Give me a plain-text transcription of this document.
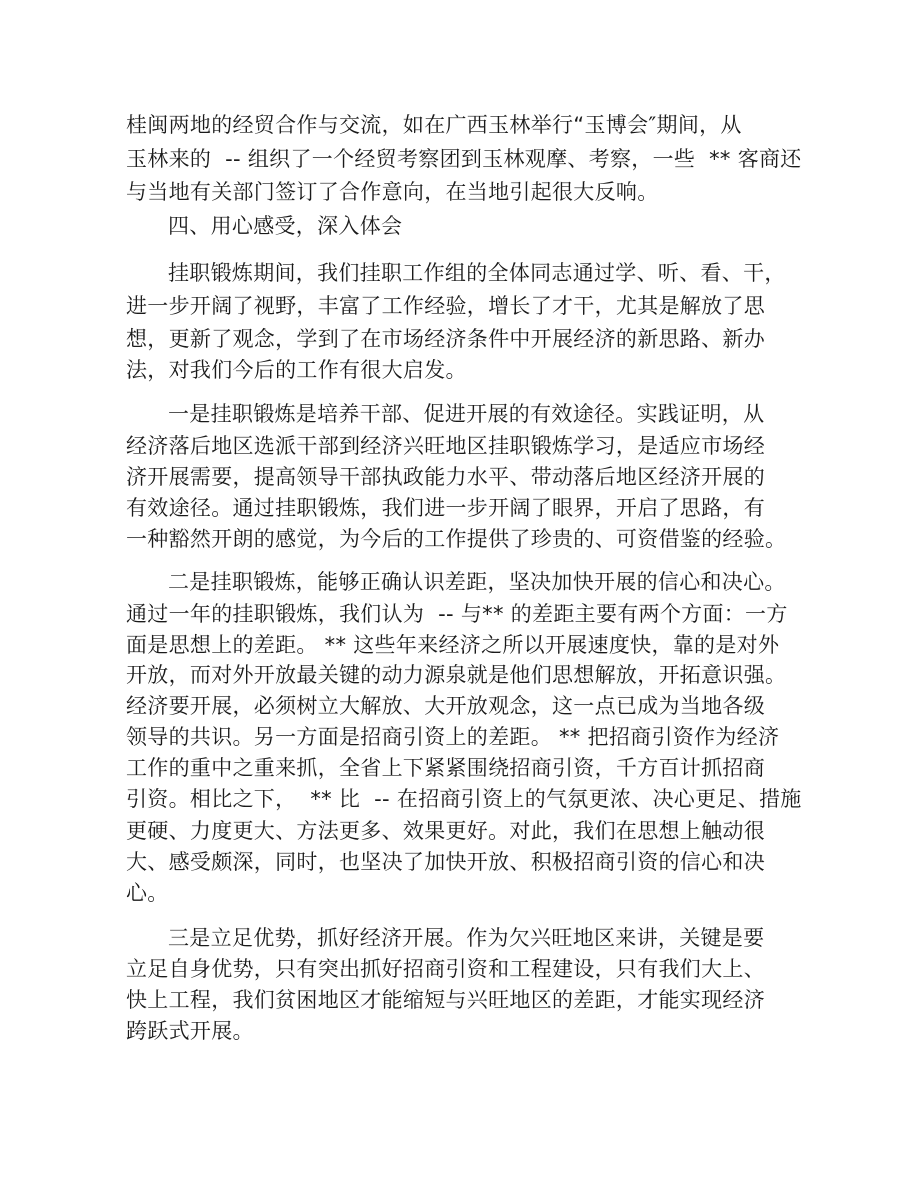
桂闽两地的经贸合作与交流，如在广西玉林举行“玉博会″期间，从
玉林来的  -- 组织了一个经贸考察团到玉林观摩、考察，一些  ** 客商还
与当地有关部门签订了合作意向，在当地引起很大反响。
四、用心感受，深入体会
挂职锻炼期间，我们挂职工作组的全体同志通过学、听、看、干，
进一步开阔了视野，丰富了工作经验，增长了才干，尤其是解放了思
想，更新了观念，学到了在市场经济条件中开展经济的新思路、新办
法，对我们今后的工作有很大启发。
一是挂职锻炼是培养干部、促进开展的有效途径。实践证明，从
经济落后地区选派干部到经济兴旺地区挂职锻炼学习，是适应市场经
济开展需要，提高领导干部执政能力水平、带动落后地区经济开展的
有效途径。通过挂职锻炼，我们进一步开阔了眼界，开启了思路，有
一种豁然开朗的感觉，为今后的工作提供了珍贵的、可资借鉴的经验。
二是挂职锻炼，能够正确认识差距，坚决加快开展的信心和决心。
通过一年的挂职锻炼，我们认为  -- 与** 的差距主要有两个方面：一方
面是思想上的差距。 ** 这些年来经济之所以开展速度快，靠的是对外
开放，而对外开放最关键的动力源泉就是他们思想解放，开拓意识强。
经济要开展，必须树立大解放、大开放观念，这一点已成为当地各级
领导的共识。另一方面是招商引资上的差距。 ** 把招商引资作为经济
工作的重中之重来抓，全省上下紧紧围绕招商引资，千方百计抓招商
引资。相比之下，  ** 比  -- 在招商引资上的气氛更浓、决心更足、措施
更硬、力度更大、方法更多、效果更好。对此，我们在思想上触动很
大、感受颇深，同时，也坚决了加快开放、积极招商引资的信心和决
心。
三是立足优势，抓好经济开展。作为欠兴旺地区来讲，关键是要
立足自身优势，只有突出抓好招商引资和工程建设，只有我们大上、
快上工程，我们贫困地区才能缩短与兴旺地区的差距，才能实现经济
跨跃式开展。
